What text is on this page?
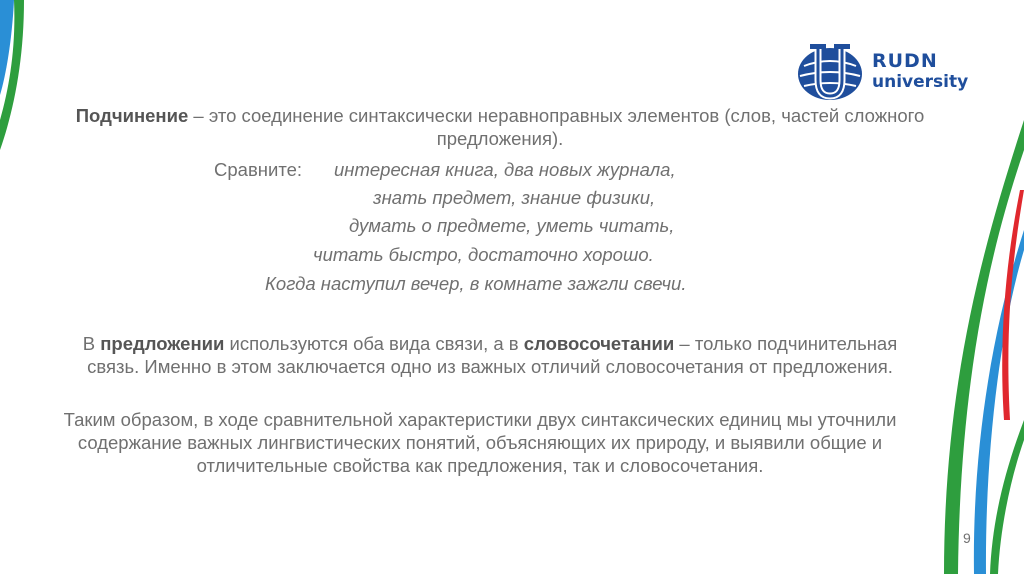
RUDN
university

Подчинение – это соединение синтаксически неравноправных элементов (слов, частей сложного предложения).

Сравните: интересная книга, два новых журнала,
знать предмет, знание физики,
думать о предмете, уметь читать,
читать быстро, достаточно хорошо.
Когда наступил вечер, в комнате зажгли свечи.
В предложении используются оба вида связи, а в словосочетании – только подчинительная связь. Именно в этом заключается одно из важных отличий словосочетания от предложения.
Таким образом, в ходе сравнительной характеристики двух синтаксических единиц мы уточнили содержание важных лингвистических понятий, объясняющих их природу, и выявили общие и отличительные свойства как предложения, так и словосочетания.
9
